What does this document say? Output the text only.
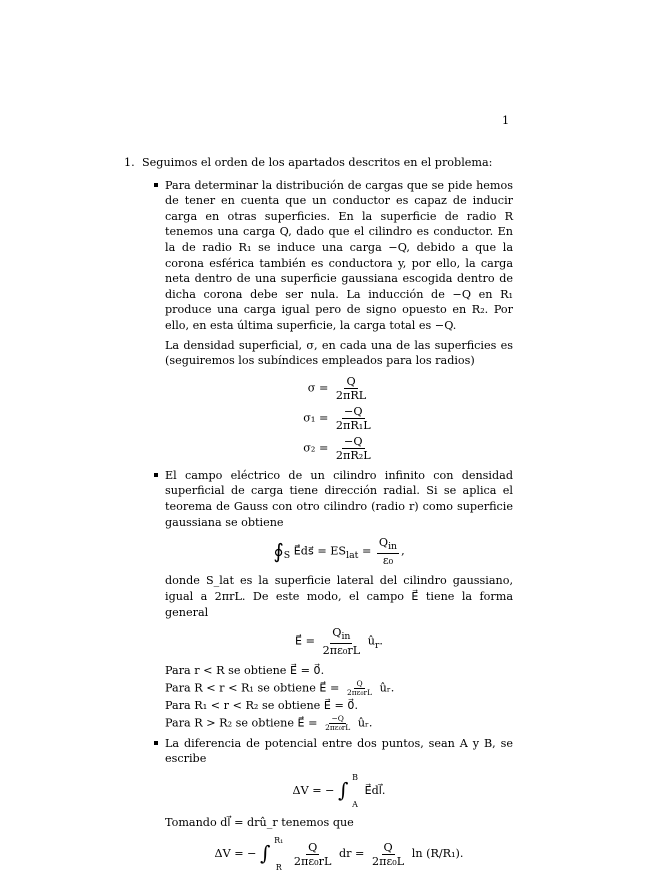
1
1. Seguimos el orden de los apartados descritos en el problema:

Para determinar la distribución de cargas que se pide hemos de tener en cuenta que un conductor es capaz de inducir carga en otras superficies. En la superficie de radio R tenemos una carga Q, dado que el cilindro es conductor. En la de radio R₁ se induce una carga −Q, debido a que la corona esférica también es conductora y, por ello, la carga neta dentro de una superficie gaussiana escogida dentro de dicha corona debe ser nula. La inducción de −Q en R₁ produce una carga igual pero de signo opuesto en R₂. Por ello, en esta última superficie, la carga total es −Q.

La densidad superficial, σ, en cada una de las superficies es (seguiremos los subíndices empleados para los radios)

$\sigma = \frac{Q}{\text{2πRL}}$
$\sigma_1 = \frac{-Q}{\text{2πR₁L}}$
$\sigma_2 = \frac{-Q}{\text{2πR₂L}}$

El campo eléctrico de un cilindro infinito con densidad superficial de carga tiene dirección radial. Si se aplica el teorema de Gauss con otro cilindro (radio r) como superficie gaussiana se obtiene

$∮_S$ E⃗ds⃗ = $ES_{lat} = \frac{Q_{in}}{\text{ε₀}}$ ,

donde S_lat es la superficie lateral del cilindro gaussiano, igual a 2πrL. De este modo, el campo E⃗ tiene la forma general

E⃗ = $\frac{Q_{in}}{\text{2πε₀rL}}$ $û_r$.
Para r < R se obtiene E⃗ = 0⃗.
Para R < r < R₁ se obtiene E⃗ = $\frac{Q}{\text{2πε₀rL}}$ ûᵣ.
Para R₁ < r < R₂ se obtiene E⃗ = 0⃗.
Para R > R₂ se obtiene E⃗ = $\frac{-Q}{\text{2πε₀rL}}$ ûᵣ.

La diferencia de potencial entre dos puntos, sean A y B, se escribe

ΔV = − ∫
B
A
E⃗dl⃗.

Tomando dl⃗ = drû_r tenemos que

ΔV = − ∫
R₁
R
$\frac{Q}{\text{2πε₀rL}}$ dr = $\frac{Q}{\text{2πε₀L}}$ ln (R/R₁).
